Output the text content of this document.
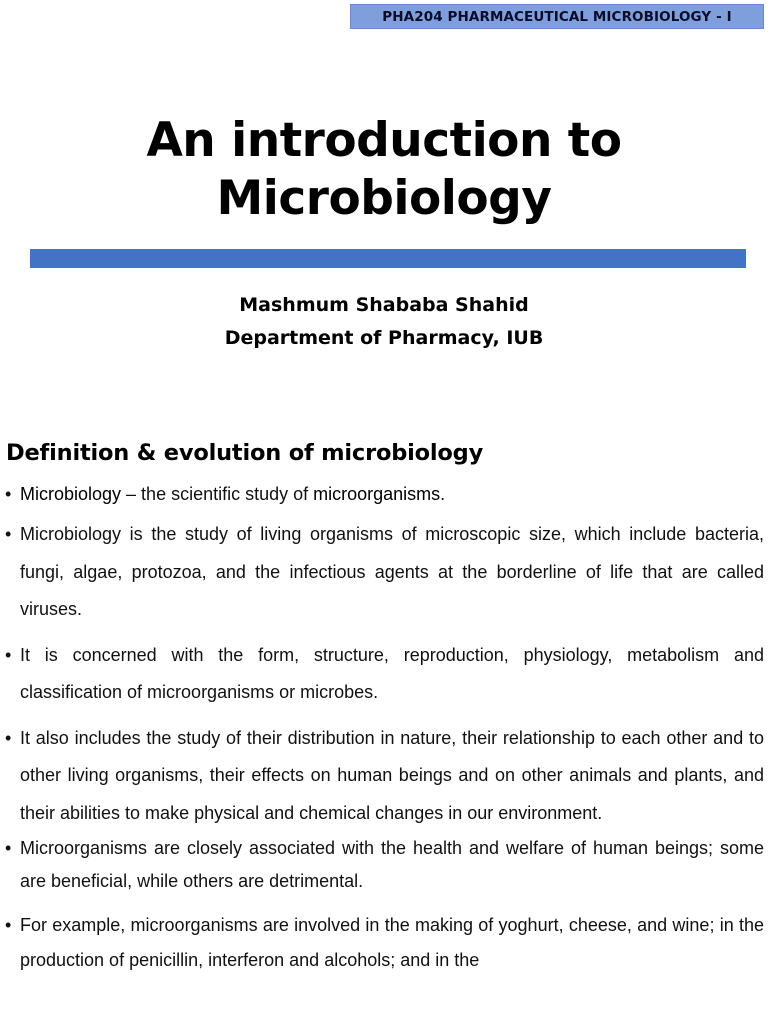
PHA204 PHARMACEUTICAL MICROBIOLOGY - I
An introduction to
Microbiology
Mashmum Shababa Shahid
Department of Pharmacy, IUB
Definition & evolution of microbiology
• Microbiology – the scientific study of microorganisms.
• Microbiology is the study of living organisms of microscopic size, which include bacteria, fungi, algae, protozoa, and the infectious agents at the borderline of life that are called viruses.
• It is concerned with the form, structure, reproduction, physiology, metabolism and classification of microorganisms or microbes.
• It also includes the study of their distribution in nature, their relationship to each other and to other living organisms, their effects on human beings and on other animals and plants, and their abilities to make physical and chemical changes in our environment.
• Microorganisms are closely associated with the health and welfare of human beings; some are beneficial, while others are detrimental.
• For example, microorganisms are involved in the making of yoghurt, cheese, and wine; in the production of penicillin, interferon and alcohols; and in the
